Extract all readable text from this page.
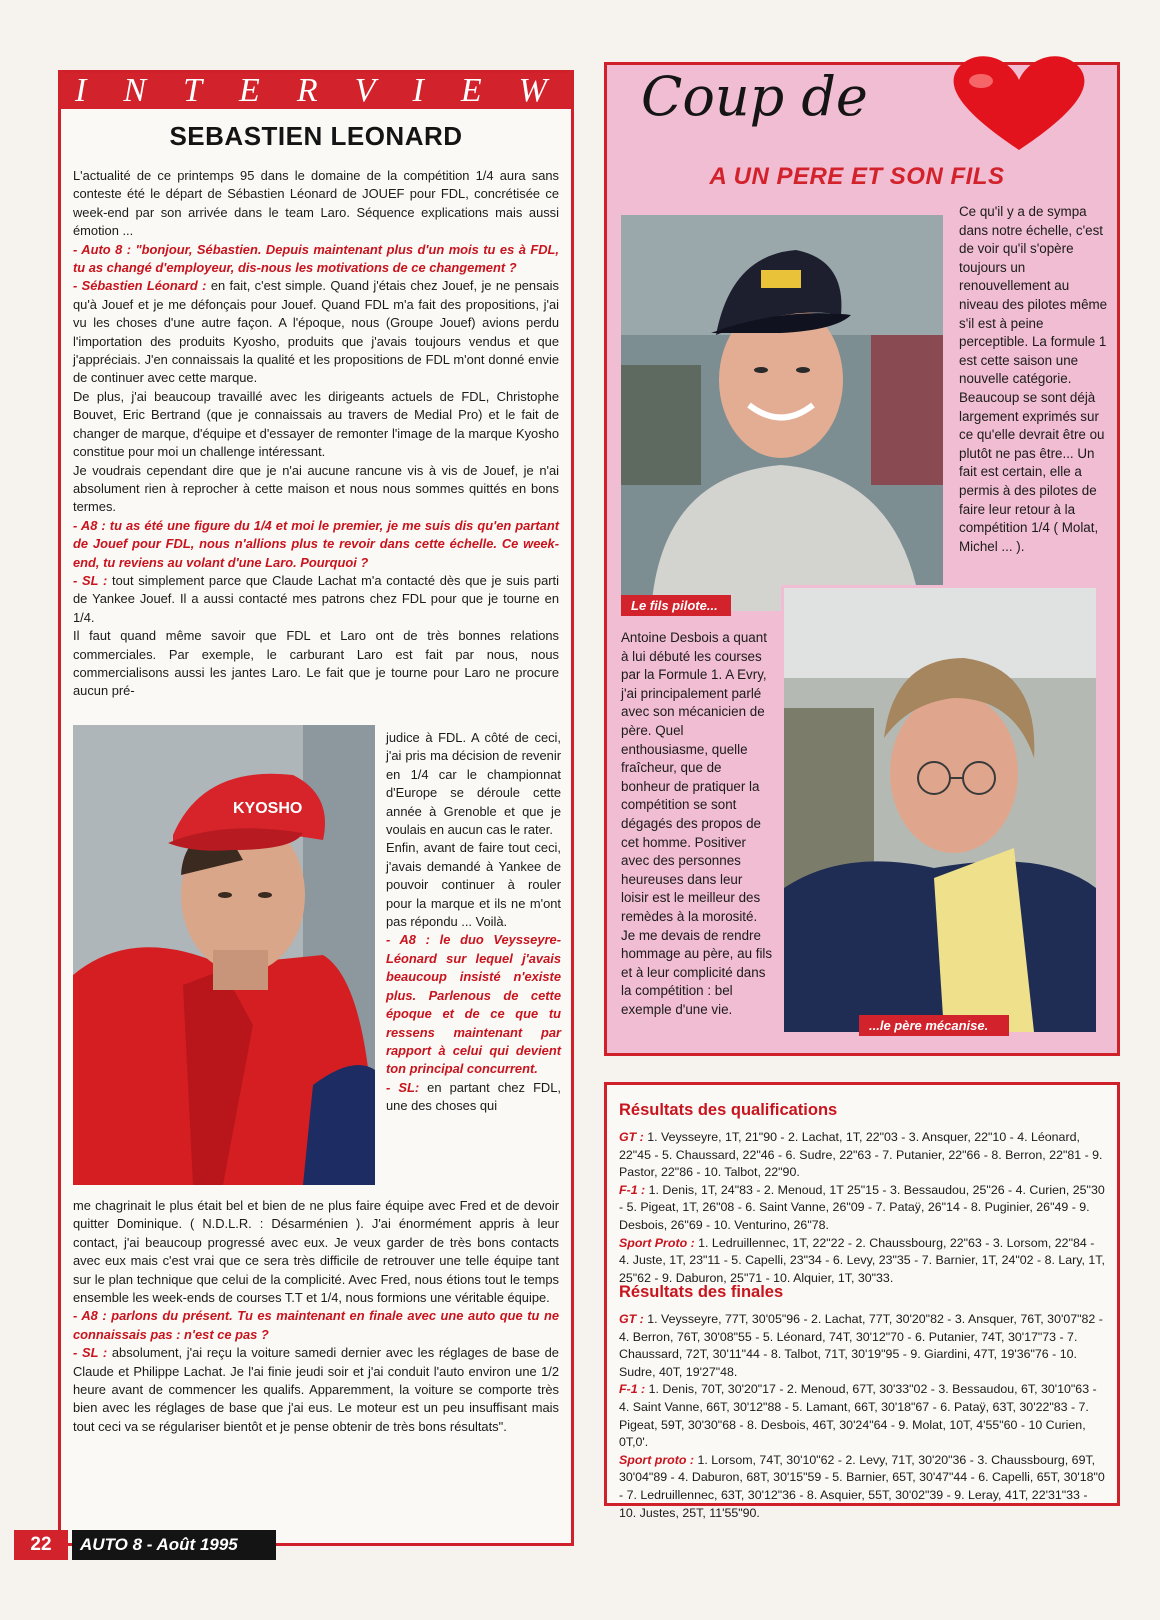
I N T E R V I E W
SEBASTIEN LEONARD

L'actualité de ce printemps 95 dans le domaine de la compétition 1/4 aura sans conteste été le départ de Sébastien Léonard de JOUEF pour FDL, concrétisée ce week-end par son arrivée dans le team Laro. Séquence explications mais aussi émotion ...

- Auto 8 : "bonjour, Sébastien. Depuis maintenant plus d'un mois tu es à FDL, tu as changé d'employeur, dis-nous les motivations de ce changement ?

- Sébastien Léonard : en fait, c'est simple. Quand j'étais chez Jouef, je ne pensais qu'à Jouef et je me défonçais pour Jouef. Quand FDL m'a fait des propositions, j'ai vu les choses d'une autre façon. A l'époque, nous (Groupe Jouef) avions perdu l'importation des produits Kyosho, produits que j'avais toujours vendus et que j'appréciais. J'en connaissais la qualité et les propositions de FDL m'ont donné envie de continuer avec cette marque.

De plus, j'ai beaucoup travaillé avec les dirigeants actuels de FDL, Christophe Bouvet, Eric Bertrand (que je connaissais au travers de Medial Pro) et le fait de changer de marque, d'équipe et d'essayer de remonter l'image de la marque Kyosho constitue pour moi un challenge intéressant.

Je voudrais cependant dire que je n'ai aucune rancune vis à vis de Jouef, je n'ai absolument rien à reprocher à cette maison et nous nous sommes quittés en bons termes.

- A8 : tu as été une figure du 1/4 et moi le premier, je me suis dis qu'en partant de Jouef pour FDL, nous n'allions plus te revoir dans cette échelle. Ce week-end, tu reviens au volant d'une Laro. Pourquoi ?

- SL : tout simplement parce que Claude Lachat m'a contacté dès que je suis parti de Yankee Jouef. Il a aussi contacté mes patrons chez FDL pour que je tourne en 1/4.

Il faut quand même savoir que FDL et Laro ont de très bonnes relations commerciales. Par exemple, le carburant Laro est fait par nous, nous commercialisons aussi les jantes Laro. Le fait que je tourne pour Laro ne procure aucun pré-

KYOSHO

judice à FDL. A côté de ceci, j'ai pris ma décision de revenir en 1/4 car le championnat d'Europe se déroule cette année à Grenoble et que je voulais en aucun cas le rater.

Enfin, avant de faire tout ceci, j'avais demandé à Yankee de pouvoir continuer à rouler pour la marque et ils ne m'ont pas répondu ... Voilà.

- A8 : le duo Veysseyre-Léonard sur lequel j'avais beaucoup insisté n'existe plus. Parlenous de cette époque et de ce que tu ressens maintenant par rapport à celui qui devient ton principal concurrent.

- SL: en partant chez FDL, une des choses qui

me chagrinait le plus était bel et bien de ne plus faire équipe avec Fred et de devoir quitter Dominique. ( N.D.L.R. : Désarménien ). J'ai énormément appris à leur contact, j'ai beaucoup progressé avec eux. Je veux garder de très bons contacts avec eux mais c'est vrai que ce sera très difficile de retrouver une telle équipe tant sur le plan technique que celui de la complicité. Avec Fred, nous étions tout le temps ensemble les week-ends de courses T.T et 1/4, nous formions une véritable équipe.

- A8 : parlons du présent. Tu es maintenant en finale avec une auto que tu ne connaissais pas : n'est ce pas ?

- SL : absolument, j'ai reçu la voiture samedi dernier avec les réglages de base de Claude et Philippe Lachat. Je l'ai finie jeudi soir et j'ai conduit l'auto environ une 1/2 heure avant de commencer les qualifs. Apparemment, la voiture se comporte très bien avec les réglages de base que j'ai eus. Le moteur est un peu insuffisant mais tout ceci va se régulariser bientôt et je pense obtenir de très bons résultats".

Coup de
A UN PERE ET SON FILS
Le fils pilote...
Ce qu'il y a de sympa dans notre échelle, c'est de voir qu'il s'opère toujours un renouvellement au niveau des pilotes même s'il est à peine perceptible. La formule 1 est cette saison une nouvelle catégorie. Beaucoup se sont déjà largement exprimés sur ce qu'elle devrait être ou plutôt ne pas être... Un fait est certain, elle a permis à des pilotes de faire leur retour à la compétition 1/4 ( Molat, Michel ... ).
...le père mécanise.
Antoine Desbois a quant à lui débuté les courses par la Formule 1. A Evry, j'ai principalement parlé avec son mécanicien de père. Quel enthousiasme, quelle fraîcheur, que de bonheur de pratiquer la compétition se sont dégagés des propos de cet homme. Positiver avec des personnes heureuses dans leur loisir est le meilleur des remèdes à la morosité. Je me devais de rendre hommage au père, au fils et à leur complicité dans la compétition : bel exemple d'une vie.
Résultats des qualifications

GT : 1. Veysseyre, 1T, 21"90 - 2. Lachat, 1T, 22"03 - 3. Ansquer, 22"10 - 4. Léonard, 22"45 - 5. Chaussard, 22"46 - 6. Sudre, 22"63 - 7. Putanier, 22"66 - 8. Berron, 22"81 - 9. Pastor, 22"86 - 10. Talbot, 22"90.

F-1 : 1. Denis, 1T, 24"83 - 2. Menoud, 1T 25"15 - 3. Bessaudou, 25"26 - 4. Curien, 25"30 - 5. Pigeat, 1T, 26"08 - 6. Saint Vanne, 26"09 - 7. Pataÿ, 26"14 - 8. Puginier, 26"49 - 9. Desbois, 26"69 - 10. Venturino, 26"78.

Sport Proto : 1. Ledruillennec, 1T, 22"22 - 2. Chaussbourg, 22"63 - 3. Lorsom, 22"84 - 4. Juste, 1T, 23"11 - 5. Capelli, 23"34 - 6. Levy, 23"35 - 7. Barnier, 1T, 24"02 - 8. Lary, 1T, 25"62 - 9. Daburon, 25"71 - 10. Alquier, 1T, 30"33.

Résultats des finales

GT : 1. Veysseyre, 77T, 30'05"96 - 2. Lachat, 77T, 30'20"82 - 3. Ansquer, 76T, 30'07"82 - 4. Berron, 76T, 30'08"55 - 5. Léonard, 74T, 30'12"70 - 6. Putanier, 74T, 30'17"73 - 7. Chaussard, 72T, 30'11"44 - 8. Talbot, 71T, 30'19"95 - 9. Giardini, 47T, 19'36"76 - 10. Sudre, 40T, 19'27"48.

F-1 : 1. Denis, 70T, 30'20"17 - 2. Menoud, 67T, 30'33"02 - 3. Bessaudou, 6T, 30'10"63 - 4. Saint Vanne, 66T, 30'12"88 - 5. Lamant, 66T, 30'18"67 - 6. Pataÿ, 63T, 30'22"83 - 7. Pigeat, 59T, 30'30"68 - 8. Desbois, 46T, 30'24"64 - 9. Molat, 10T, 4'55"60 - 10 Curien, 0T,0'.

Sport proto : 1. Lorsom, 74T, 30'10"62 - 2. Levy, 71T, 30'20"36 - 3. Chaussbourg, 69T, 30'04"89 - 4. Daburon, 68T, 30'15"59 - 5. Barnier, 65T, 30'47"44 - 6. Capelli, 65T, 30'18"0 - 7. Ledruillennec, 63T, 30'12"36 - 8. Asquier, 55T, 30'02"39 - 9. Leray, 41T, 22'31"33 - 10. Justes, 25T, 11'55"90.

22	AUTO 8 - Août 1995
